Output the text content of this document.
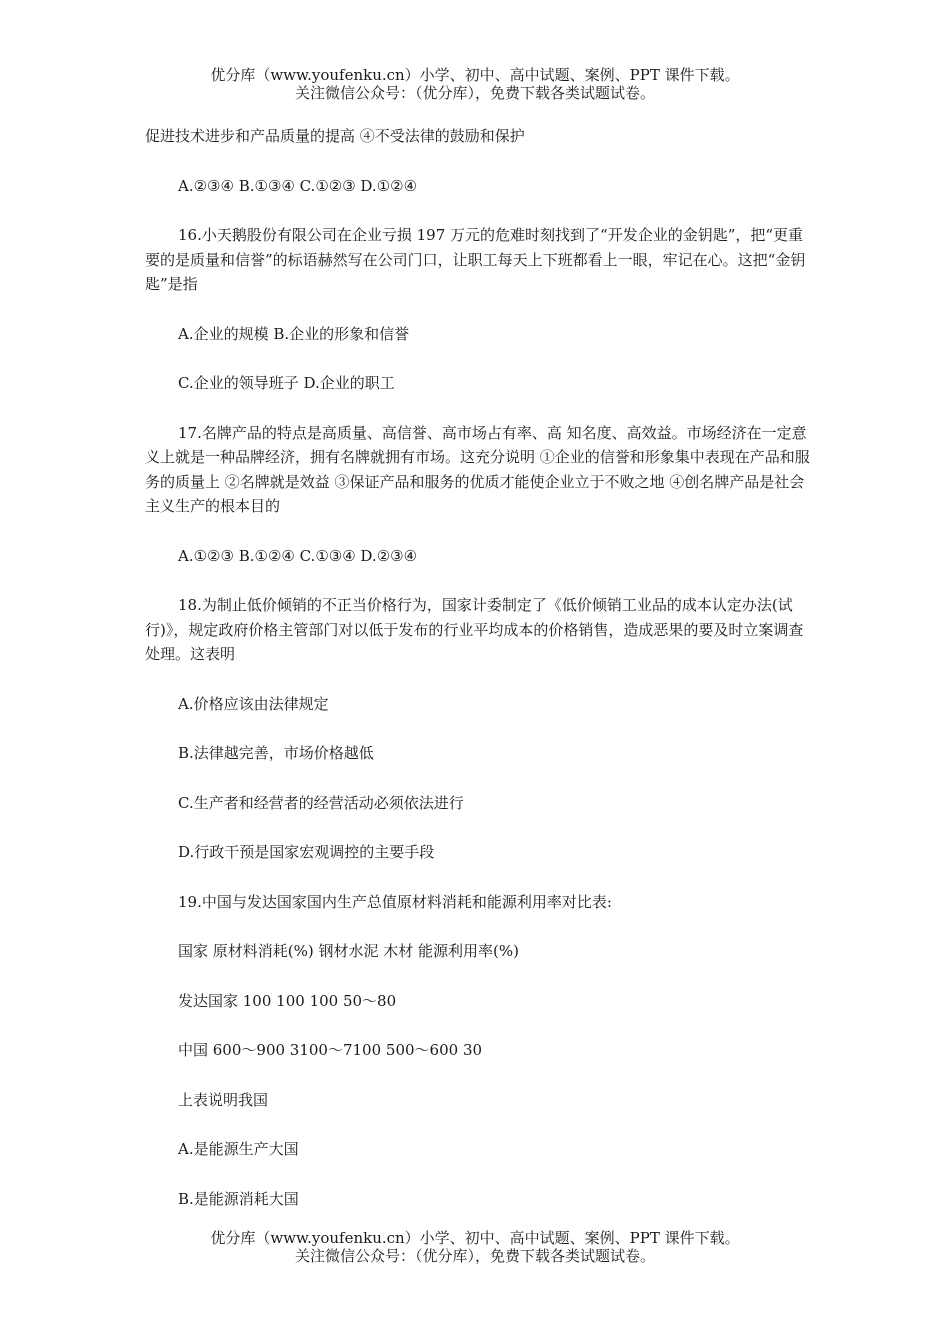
优分库（www.youfenku.cn）小学、初中、高中试题、案例、PPT 课件下载。
关注微信公众号：（优分库），免费下载各类试题试卷。

促进技术进步和产品质量的提高 ④不受法律的鼓励和保护

A.②③④ B.①③④ C.①②③ D.①②④

16.小天鹅股份有限公司在企业亏损 197 万元的危难时刻找到了“开发企业的金钥匙”，把“更重要的是质量和信誉”的标语赫然写在公司门口，让职工每天上下班都看上一眼，牢记在心。这把“金钥匙”是指

A.企业的规模 B.企业的形象和信誉

C.企业的领导班子 D.企业的职工

17.名牌产品的特点是高质量、高信誉、高市场占有率、高 知名度、高效益。市场经济在一定意义上就是一种品牌经济，拥有名牌就拥有市场。这充分说明 ①企业的信誉和形象集中表现在产品和服务的质量上 ②名牌就是效益 ③保证产品和服务的优质才能使企业立于不败之地 ④创名牌产品是社会主义生产的根本目的

A.①②③ B.①②④ C.①③④ D.②③④

18.为制止低价倾销的不正当价格行为，国家计委制定了《低价倾销工业品的成本认定办法(试行)》，规定政府价格主管部门对以低于发布的行业平均成本的价格销售，造成恶果的要及时立案调查处理。这表明

A.价格应该由法律规定

B.法律越完善，市场价格越低

C.生产者和经营者的经营活动必须依法进行

D.行政干预是国家宏观调控的主要手段

19.中国与发达国家国内生产总值原材料消耗和能源利用率对比表:

国家 原材料消耗(%) 钢材水泥 木材 能源利用率(%)

发达国家 100 100 100 50～80

中国 600～900 3100～7100 500～600 30

上表说明我国

A.是能源生产大国

B.是能源消耗大国

优分库（www.youfenku.cn）小学、初中、高中试题、案例、PPT 课件下载。
关注微信公众号：（优分库），免费下载各类试题试卷。
